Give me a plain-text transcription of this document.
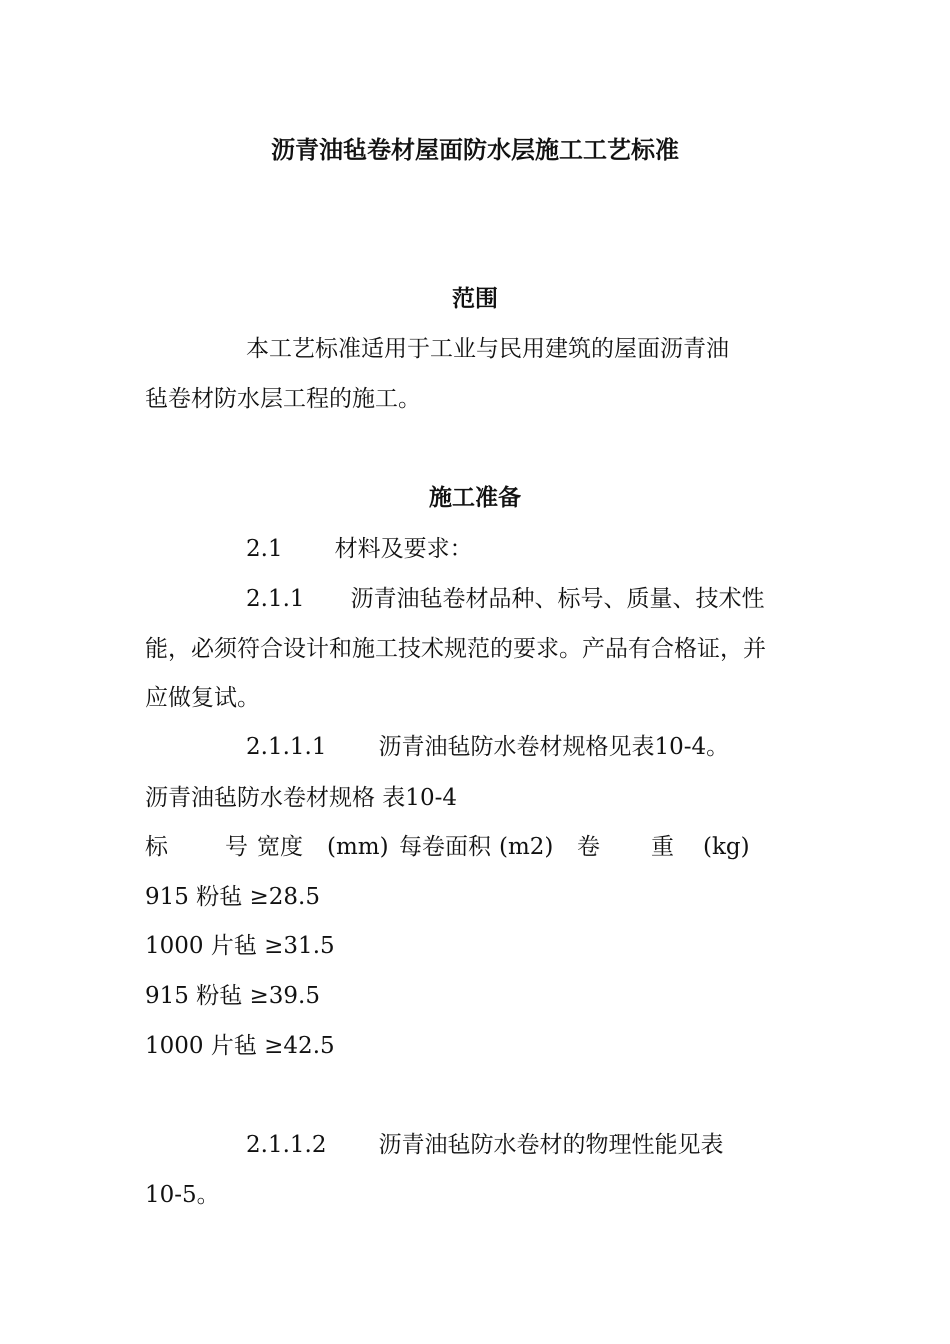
沥青油毡卷材屋面防水层施工工艺标准
范围
本工艺标准适用于工业与民用建筑的屋面沥青油
毡卷材防水层工程的施工。
施工准备
2.1 材料及要求：
2.1.1 沥青油毡卷材品种、标号、质量、技术性
能，必须符合设计和施工技术规范的要求。产品有合格证，并
应做复试。
2.1.1.1 沥青油毡防水卷材规格见表10-4。
沥青油毡防水卷材规格 表10-4
标 号 宽度 (mm) 每卷面积 (m2) 卷 重 (kg)
915 粉毡 ≥28.5
1000 片毡 ≥31.5
915 粉毡 ≥39.5
1000 片毡 ≥42.5
2.1.1.2 沥青油毡防水卷材的物理性能见表
10-5。
